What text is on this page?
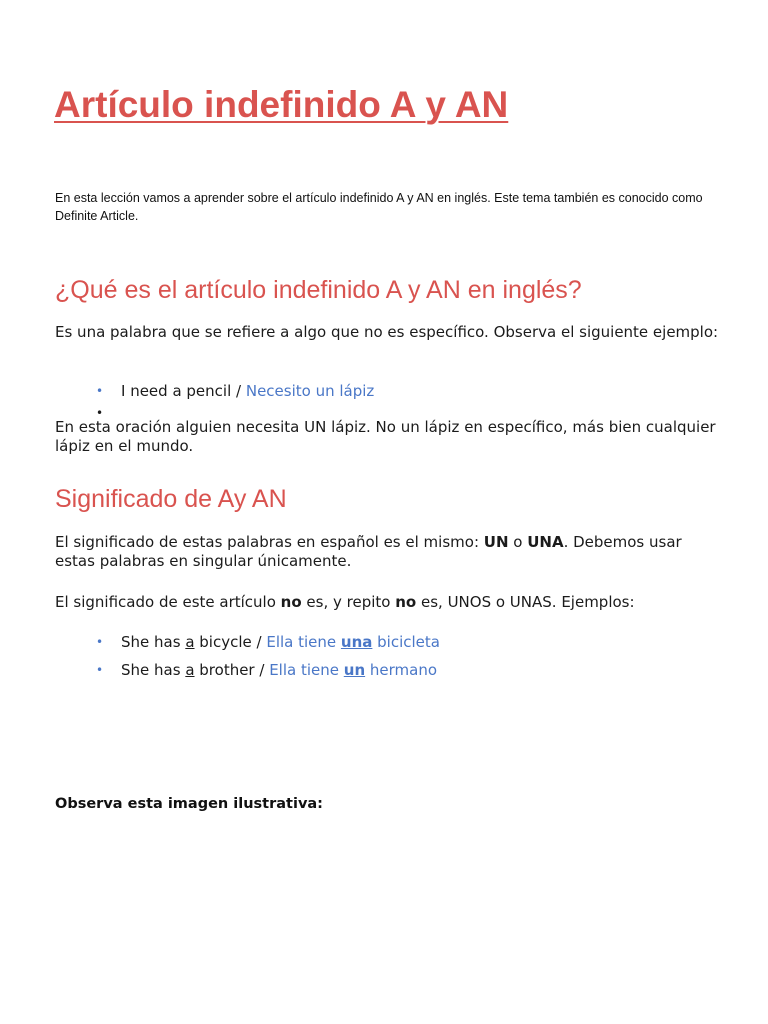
Artículo indefinido A y AN

En esta lección vamos a aprender sobre el artículo indefinido A y AN en inglés. Este tema también es conocido como Definite Article.

¿Qué es el artículo indefinido A y AN en inglés?

Es una palabra que se refiere a algo que no es específico. Observa el siguiente ejemplo:

• I need a pencil / Necesito un lápiz
•

En esta oración alguien necesita UN lápiz. No un lápiz en específico, más bien cualquier lápiz en el mundo.

Significado de Ay AN

El significado de estas palabras en español es el mismo: UN o UNA. Debemos usar estas palabras en singular únicamente.

El significado de este artículo no es, y repito no es, UNOS o UNAS. Ejemplos:

• She has a bicycle / Ella tiene una bicicleta
• She has a brother / Ella tiene un hermano

Observa esta imagen ilustrativa:
